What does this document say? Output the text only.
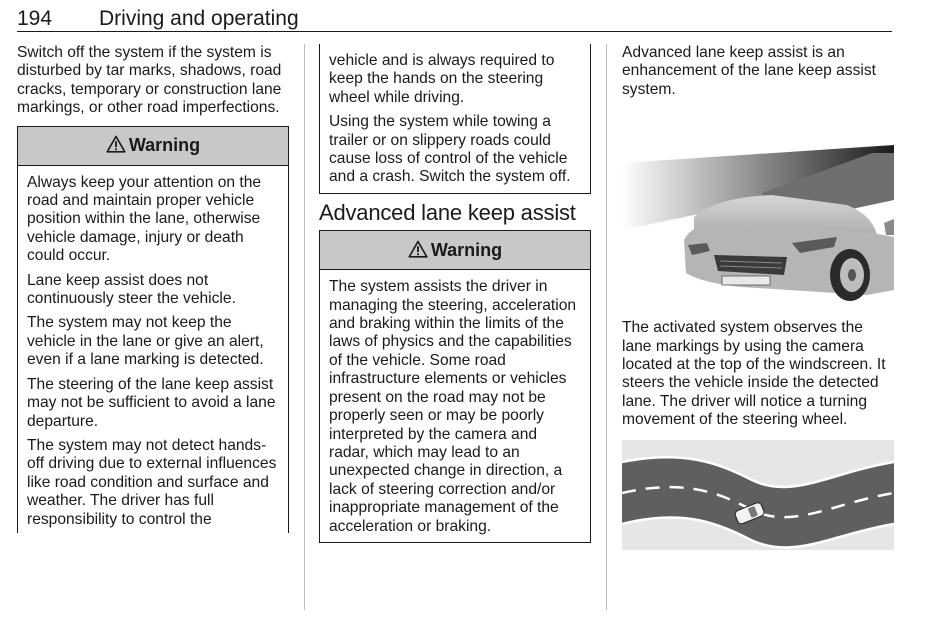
194 Driving and operating

Switch off the system if the system is disturbed by tar marks, shadows, road cracks, temporary or construction lane markings, or other road imperfections.

Warning

Always keep your attention on the road and maintain proper vehicle position within the lane, otherwise vehicle damage, injury or death could occur.

Lane keep assist does not continuously steer the vehicle.

The system may not keep the vehicle in the lane or give an alert, even if a lane marking is detected.

The steering of the lane keep assist may not be sufficient to avoid a lane departure.

The system may not detect hands-off driving due to external influences like road condition and surface and weather. The driver has full responsibility to control the

vehicle and is always required to keep the hands on the steering wheel while driving.

Using the system while towing a trailer or on slippery roads could cause loss of control of the vehicle and a crash. Switch the system off.

Advanced lane keep assist
Warning

The system assists the driver in managing the steering, acceleration and braking within the limits of the laws of physics and the capabilities of the vehicle. Some road infrastructure elements or vehicles present on the road may not be properly seen or may be poorly interpreted by the camera and radar, which may lead to an unexpected change in direction, a lack of steering correction and/or inappropriate management of the acceleration or braking.

Advanced lane keep assist is an enhancement of the lane keep assist system.

The activated system observes the lane markings by using the camera located at the top of the windscreen. It steers the vehicle inside the detected lane. The driver will notice a turning movement of the steering wheel.
